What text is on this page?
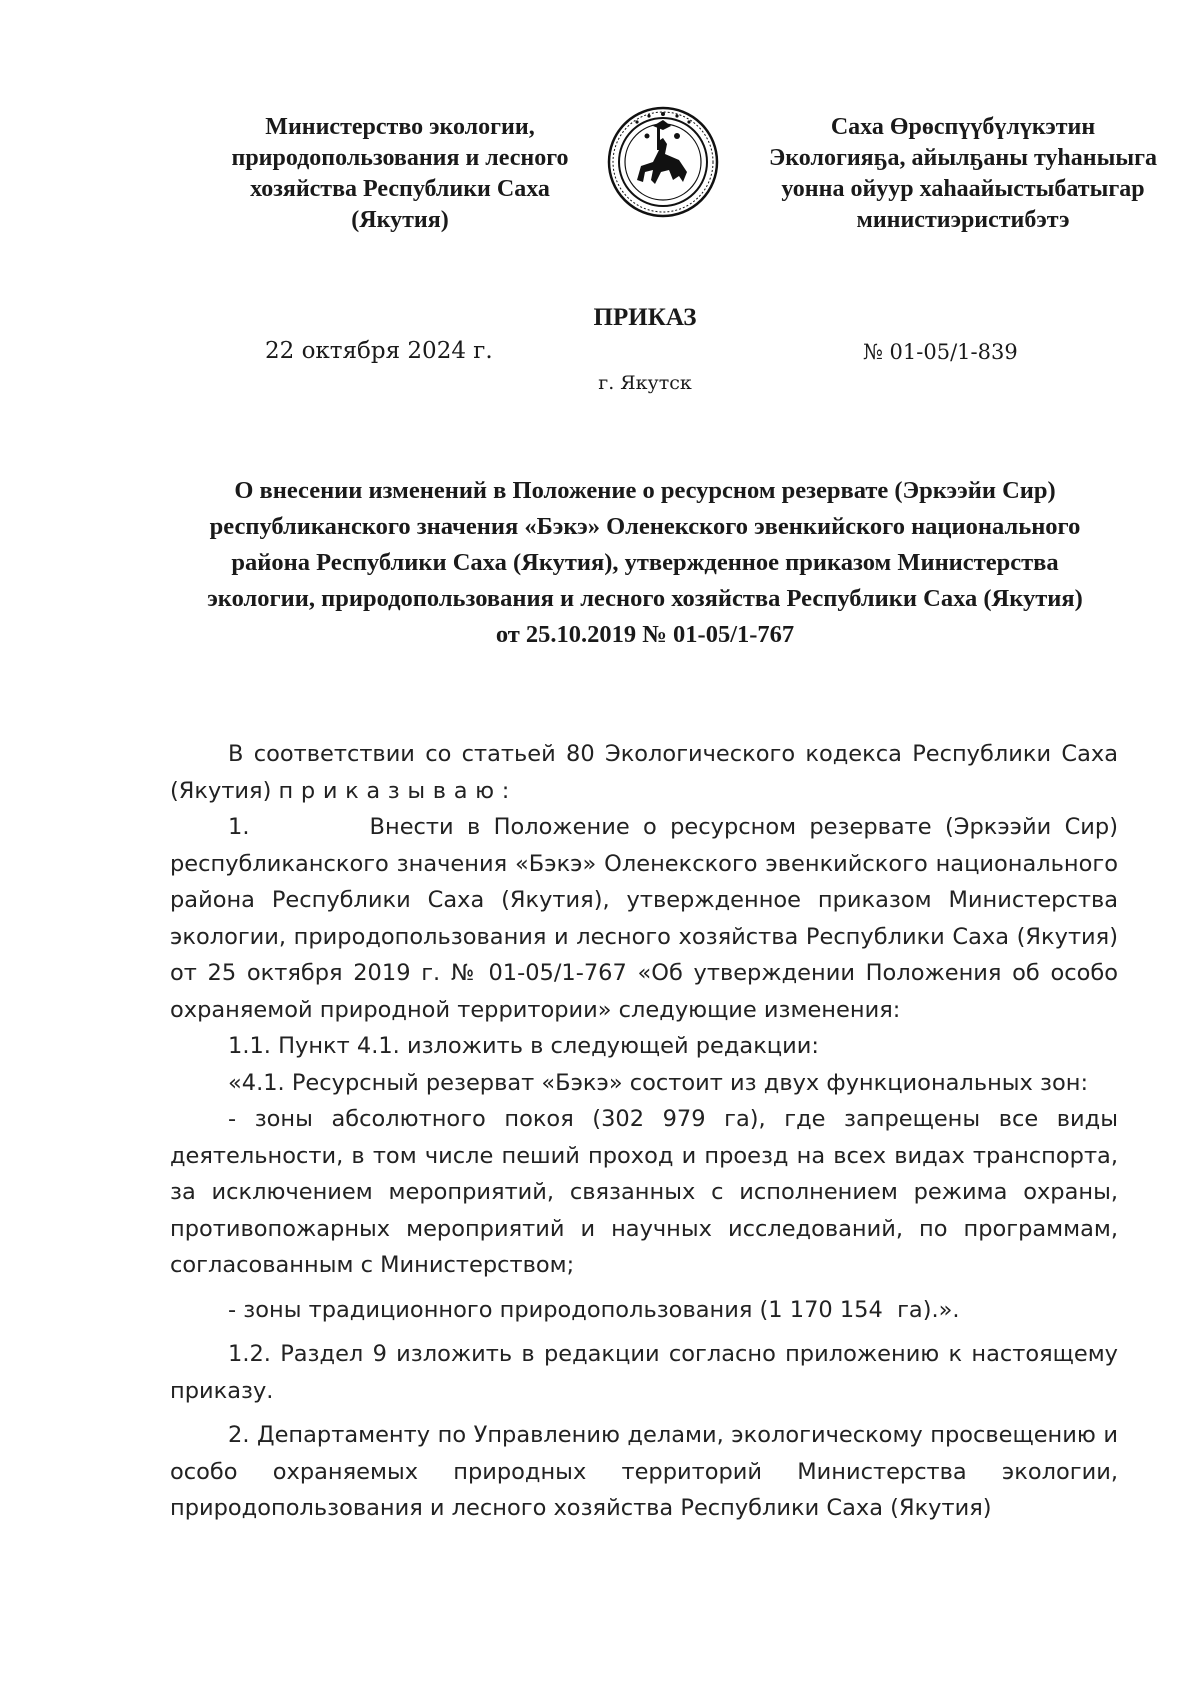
Министерство экологии,
природопользования и лесного
хозяйства Республики Саха
(Якутия)
Саха Өрөспүүбүлүкэтин
Экологияҕа, айылҕаны туһаныыга
уонна ойуур хаһаайыстыбатыгар
министиэристибэтэ
ПРИКАЗ
22 октября 2024 г.	№ 01-05/1-839
г. Якутск
О внесении изменений в Положение о ресурсном резервате (Эркээйи Сир) республиканского значения «Бэкэ» Оленекского эвенкийского национального района Республики Саха (Якутия), утвержденное приказом Министерства экологии, природопользования и лесного хозяйства Республики Саха (Якутия) от 25.10.2019 № 01-05/1-767

В соответствии со статьей 80 Экологического кодекса Республики Саха (Якутия) приказываю:

1.         Внести в Положение о ресурсном резервате (Эркээйи Сир) республиканского значения «Бэкэ» Оленекского эвенкийского национального района Республики Саха (Якутия), утвержденное приказом Министерства экологии, природопользования и лесного хозяйства Республики Саха (Якутия) от 25 октября 2019 г. № 01-05/1-767 «Об утверждении Положения об особо охраняемой природной территории» следующие изменения:

1.1. Пункт 4.1. изложить в следующей редакции:

«4.1. Ресурсный резерват «Бэкэ» состоит из двух функциональных зон:

- зоны абсолютного покоя (302 979 га), где запрещены все виды деятельности, в том числе пеший проход и проезд на всех видах транспорта, за исключением мероприятий, связанных с исполнением режима охраны, противопожарных мероприятий и научных исследований, по программам, согласованным с Министерством;

- зоны традиционного природопользования (1 170 154  га).».

1.2. Раздел 9 изложить в редакции согласно приложению к настоящему приказу.

2. Департаменту по Управлению делами, экологическому просвещению и особо охраняемых природных территорий Министерства экологии, природопользования и лесного хозяйства Республики Саха (Якутия)
